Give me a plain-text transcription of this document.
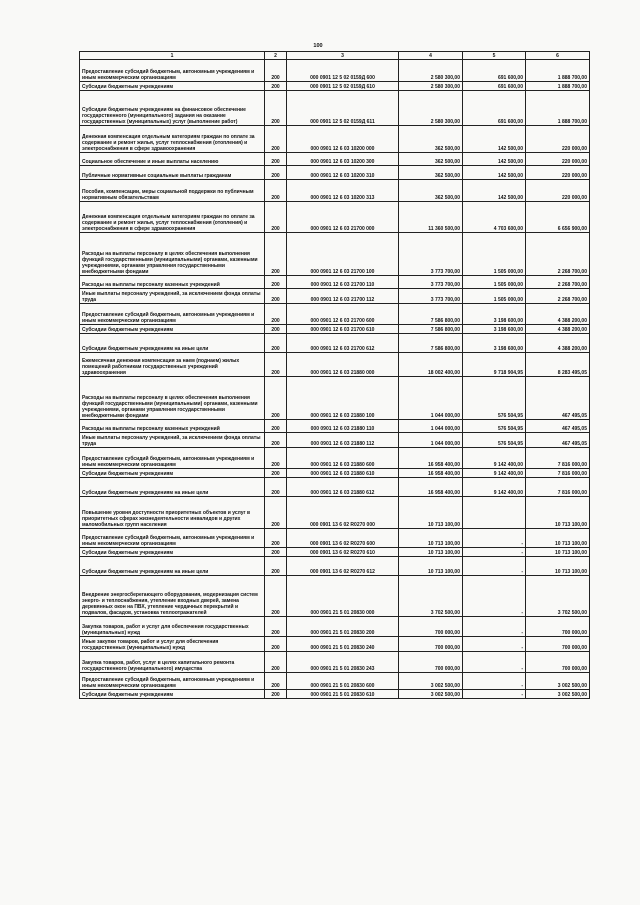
100
1	2	3	4	5	6
Предоставление субсидий бюджетным, автономным учреждениям и иным некоммерческим организациям	200	000 0901 12 5 02 0159Д 600	2 580 300,00	691 600,00	1 888 700,00
Субсидии бюджетным учреждениям	200	000 0901 12 5 02 0159Д 610	2 580 300,00	691 600,00	1 888 700,00
Субсидии бюджетным учреждениям на финансовое обеспечение государственного (муниципального) задания на оказание государственных (муниципальных) услуг (выполнение работ)	200	000 0901 12 5 02 0159Д 611	2 580 300,00	691 600,00	1 888 700,00
Денежная компенсация отдельным категориям граждан по оплате за содержание и ремонт жилья, услуг теплоснабжения (отопления) и электроснабжения в сфере здравоохранения	200	000 0901 12 6 03 10200 000	362 500,00	142 500,00	220 000,00
Социальное обеспечение и иные выплаты населению	200	000 0901 12 6 03 10200 300	362 500,00	142 500,00	220 000,00
Публичные нормативные социальные выплаты гражданам	200	000 0901 12 6 03 10200 310	362 500,00	142 500,00	220 000,00
Пособия, компенсации, меры социальной поддержки по публичным нормативным обязательствам	200	000 0901 12 6 03 10200 313	362 500,00	142 500,00	220 000,00
Денежная компенсация отдельным категориям граждан по оплате за содержание и ремонт жилья, услуг теплоснабжения (отопления) и электроснабжения в сфере здравоохранения	200	000 0901 12 6 03 21700 000	11 360 500,00	4 703 600,00	6 656 900,00
Расходы на выплаты персоналу в целях обеспечения выполнения функций государственными (муниципальными) органами, казенными учреждениями, органами управления государственными внебюджетными фондами	200	000 0901 12 6 03 21700 100	3 773 700,00	1 505 000,00	2 268 700,00
Расходы на выплаты персоналу казенных учреждений	200	000 0901 12 6 03 21700 110	3 773 700,00	1 505 000,00	2 268 700,00
Иные выплаты персоналу учреждений, за исключением фонда оплаты труда	200	000 0901 12 6 03 21700 112	3 773 700,00	1 505 000,00	2 268 700,00
Предоставление субсидий бюджетным, автономным учреждениям и иным некоммерческим организациям	200	000 0901 12 6 03 21700 600	7 586 800,00	3 198 600,00	4 388 200,00
Субсидии бюджетным учреждениям	200	000 0901 12 6 03 21700 610	7 586 800,00	3 198 600,00	4 388 200,00
Субсидии бюджетным учреждениям на иные цели	200	000 0901 12 6 03 21700 612	7 586 800,00	3 198 600,00	4 388 200,00
Ежемесячная денежная компенсация за наем (поднаем) жилых помещений работникам государственных учреждений здравоохранения	200	000 0901 12 6 03 21880 000	18 002 400,00	9 718 904,95	8 283 495,05
Расходы на выплаты персоналу в целях обеспечения выполнения функций государственными (муниципальными) органами, казенными учреждениями, органами управления государственными внебюджетными фондами	200	000 0901 12 6 03 21880 100	1 044 000,00	576 504,95	467 495,05
Расходы на выплаты персоналу казенных учреждений	200	000 0901 12 6 03 21880 110	1 044 000,00	576 504,95	467 495,05
Иные выплаты персоналу учреждений, за исключением фонда оплаты труда	200	000 0901 12 6 03 21880 112	1 044 000,00	576 504,95	467 495,05
Предоставление субсидий бюджетным, автономным учреждениям и иным некоммерческим организациям	200	000 0901 12 6 03 21880 600	16 958 400,00	9 142 400,00	7 816 000,00
Субсидии бюджетным учреждениям	200	000 0901 12 6 03 21880 610	16 958 400,00	9 142 400,00	7 816 000,00
Субсидии бюджетным учреждениям на иные цели	200	000 0901 12 6 03 21880 612	16 958 400,00	9 142 400,00	7 816 000,00
Повышение уровня доступности приоритетных объектов и услуг в приоритетных сферах жизнедеятельности инвалидов и других маломобильных групп населения	200	000 0901 13 6 02 R0270 000	10 713 100,00		10 713 100,00
Предоставление субсидий бюджетным, автономным учреждениям и иным некоммерческим организациям	200	000 0901 13 6 02 R0270 600	10 713 100,00	-	10 713 100,00
Субсидии бюджетным учреждениям	200	000 0901 13 6 02 R0270 610	10 713 100,00	-	10 713 100,00
Субсидии бюджетным учреждениям на иные цели	200	000 0901 13 6 02 R0270 612	10 713 100,00	-	10 713 100,00
Внедрение энергосберегающего оборудования, модернизация систем энерго- и теплоснабжения, утепление входных дверей, замена деревянных окон на ПВХ, утепление чердачных перекрытий и подвалов, фасадов, установка теплоотражателей	200	000 0901 21 5 01 20830 000	3 702 500,00	-	3 702 500,00
Закупка товаров, работ и услуг для обеспечения государственных (муниципальных) нужд	200	000 0901 21 5 01 20830 200	700 000,00	-	700 000,00
Иные закупки товаров, работ и услуг для обеспечения государственных (муниципальных) нужд	200	000 0901 21 5 01 20830 240	700 000,00	-	700 000,00
Закупка товаров, работ, услуг в целях капитального ремонта государственного (муниципального) имущества	200	000 0901 21 5 01 20830 243	700 000,00	-	700 000,00
Предоставление субсидий бюджетным, автономным учреждениям и иным некоммерческим организациям	200	000 0901 21 5 01 20830 600	3 002 500,00	-	3 002 500,00
Субсидии бюджетным учреждениям	200	000 0901 21 5 01 20830 610	3 002 500,00	-	3 002 500,00
